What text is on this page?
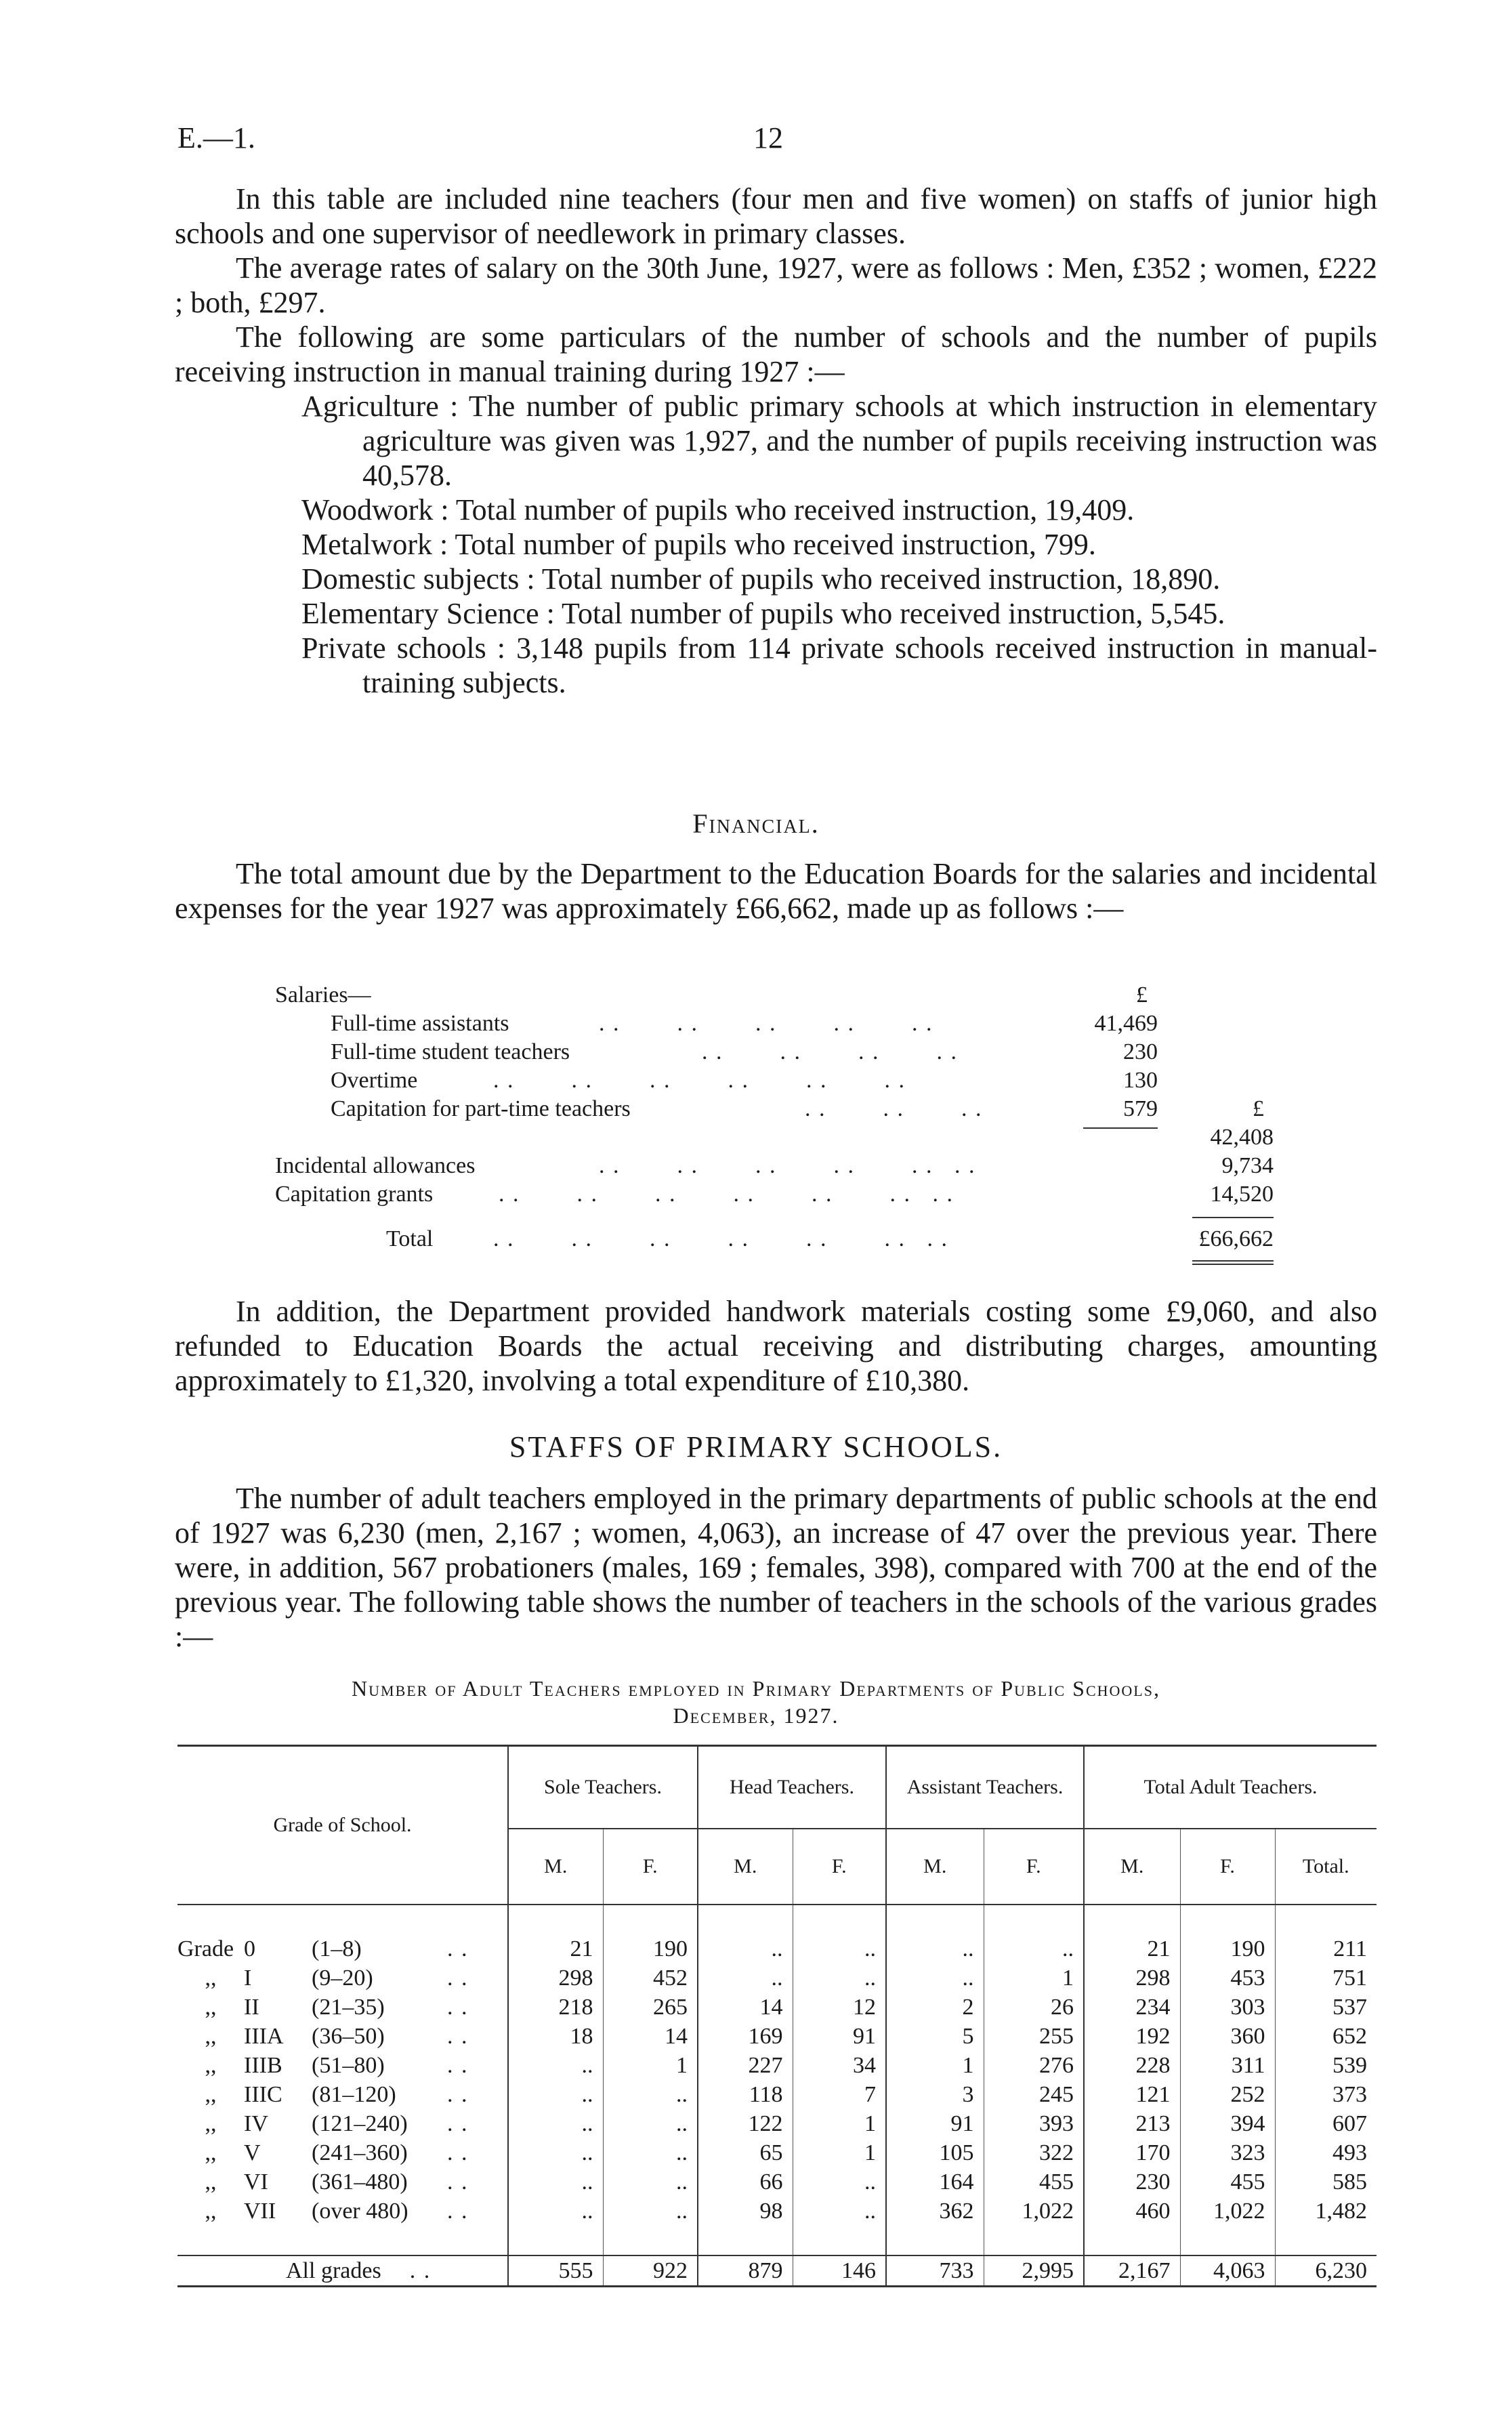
E.—1.	12

In this table are included nine teachers (four men and five women) on staffs of junior high schools and one supervisor of needlework in primary classes.

The average rates of salary on the 30th June, 1927, were as follows : Men, £352 ; women, £222 ; both, £297.

The following are some particulars of the number of schools and the number of pupils receiving instruction in manual training during 1927 :—

Agriculture : The number of public primary schools at which instruction in elementary agriculture was given was 1,927, and the number of pupils receiving instruction was 40,578.

Woodwork : Total number of pupils who received instruction, 19,409.

Metalwork : Total number of pupils who received instruction, 799.

Domestic subjects : Total number of pupils who received instruction, 18,890.

Elementary Science : Total number of pupils who received instruction, 5,545.

Private schools : 3,148 pupils from 114 private schools received instruction in manual-training subjects.

Financial.

The total amount due by the Department to the Education Boards for the salaries and incidental expenses for the year 1927 was approximately £66,662, made up as follows :—

Salaries—	£
Full-time assistants	. .        . .        . .        . .        . .	41,469
Full-time student teachers	. .        . .        . .        . .	230
Overtime	. .        . .        . .        . .        . .        . .	130
Capitation for part-time teachers	. .        . .        . .	579	£
42,408
Incidental allowances	. .        . .        . .        . .        . .   . .	9,734
Capitation grants	. .        . .        . .        . .        . .        . .   . .	14,520
Total	. .        . .        . .        . .        . .        . .   . .	£66,662

In addition, the Department provided handwork materials costing some £9,060, and also refunded to Education Boards the actual receiving and distributing charges, amounting approximately to £1,320, involving a total expenditure of £10,380.

STAFFS OF PRIMARY SCHOOLS.

The number of adult teachers employed in the primary departments of public schools at the end of 1927 was 6,230 (men, 2,167 ; women, 4,063), an increase of 47 over the previous year. There were, in addition, 567 probationers (males, 169 ; females, 398), compared with 700 at the end of the previous year. The following table shows the number of teachers in the schools of the various grades :—

Number of Adult Teachers employed in Primary Departments of Public Schools,
December, 1927.
Grade of School.	Sole Teachers.		Head Teachers.		Assistant Teachers.		Total Adult Teachers.		
	M.	F.	M.	F.	M.	F.	M.	F.	Total.

Grade 0 (1–8) . .	21	190	..	..	..	..	21	190	211
,, I (9–20) . .	298	452	..	..	..	1	298	453	751
,, II (21–35) . .	218	265	14	12	2	26	234	303	537
,, IIIA (36–50) . .	18	14	169	91	5	255	192	360	652
,, IIIB (51–80) . .	..	1	227	34	1	276	228	311	539
,, IIIC (81–120) . .	..	..	118	7	3	245	121	252	373
,, IV (121–240) . .	..	..	122	1	91	393	213	394	607
,, V (241–360) . .	..	..	65	1	105	322	170	323	493
,, VI (361–480) . .	..	..	66	..	164	455	230	455	585
,, VII (over 480) . .	..	..	98	..	362	1,022	460	1,022	1,482

All grades    . .	555	922	879	146	733	2,995	2,167	4,063	6,230
